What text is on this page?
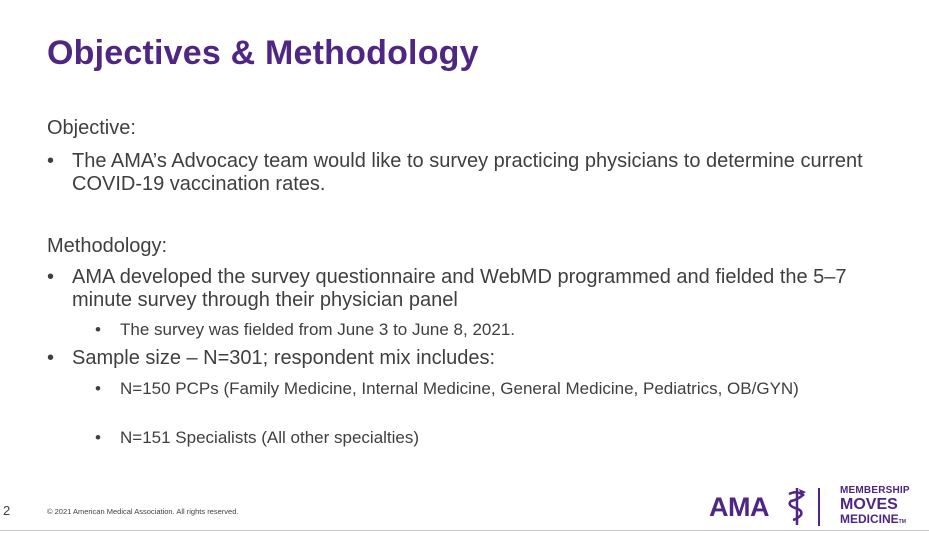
Objectives & Methodology
Objective:
• The AMA’s Advocacy team would like to survey practicing physicians to determine current COVID-19 vaccination rates.
Methodology:
• AMA developed the survey questionnaire and WebMD programmed and fielded the 5–7 minute survey through their physician panel
•	The survey was fielded from June 3 to June 8, 2021.
• Sample size – N=301; respondent mix includes:
•	N=150 PCPs (Family Medicine, Internal Medicine, General Medicine, Pediatrics, OB/GYN)
•	N=151 Specialists (All other specialties)
2	© 2021 American Medical Association. All rights reserved.	AMA
MEMBERSHIP
MOVES
MEDICINETM
